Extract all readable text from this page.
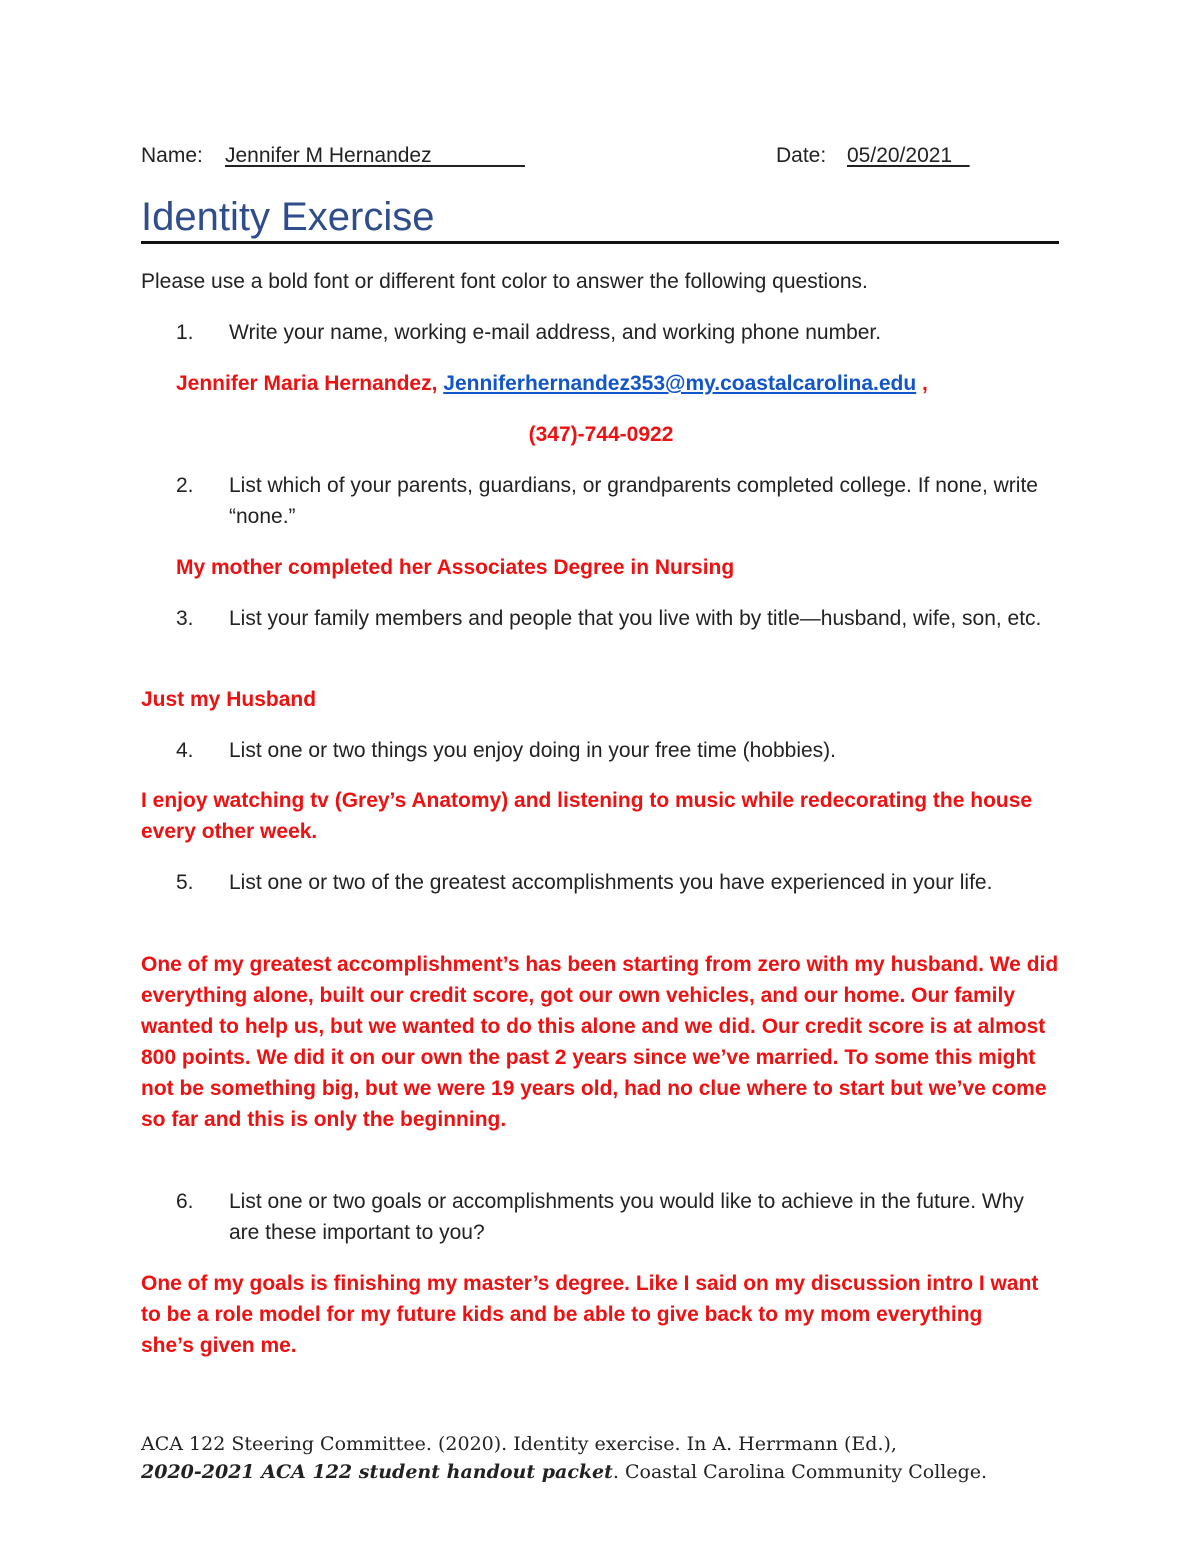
Name: Jennifer M Hernandez	Date: 05/20/2021
Identity Exercise

Please use a bold font or different font color to answer the following questions.

1. Write your name, working e-mail address, and working phone number.

Jennifer Maria Hernandez, Jenniferhernandez353@my.coastalcarolina.edu ,

(347)-744-0922

2. List which of your parents, guardians, or grandparents completed college. If none, write “none.”

My mother completed her Associates Degree in Nursing

3. List your family members and people that you live with by title—husband, wife, son, etc.

Just my Husband

4. List one or two things you enjoy doing in your free time (hobbies).

I enjoy watching tv (Grey’s Anatomy) and listening to music while redecorating the house every other week.

5. List one or two of the greatest accomplishments you have experienced in your life.

One of my greatest accomplishment’s has been starting from zero with my husband. We did everything alone, built our credit score, got our own vehicles, and our home. Our family wanted to help us, but we wanted to do this alone and we did. Our credit score is at almost 800 points. We did it on our own the past 2 years since we’ve married. To some this might not be something big, but we were 19 years old, had no clue where to start but we’ve come so far and this is only the beginning.

6. List one or two goals or accomplishments you would like to achieve in the future. Why are these important to you?

One of my goals is finishing my master’s degree. Like I said on my discussion intro I want to be a role model for my future kids and be able to give back to my mom everything she’s given me.

ACA 122 Steering Committee. (2020). Identity exercise. In A. Herrmann (Ed.),
2020-2021 ACA 122 student handout packet. Coastal Carolina Community College.
